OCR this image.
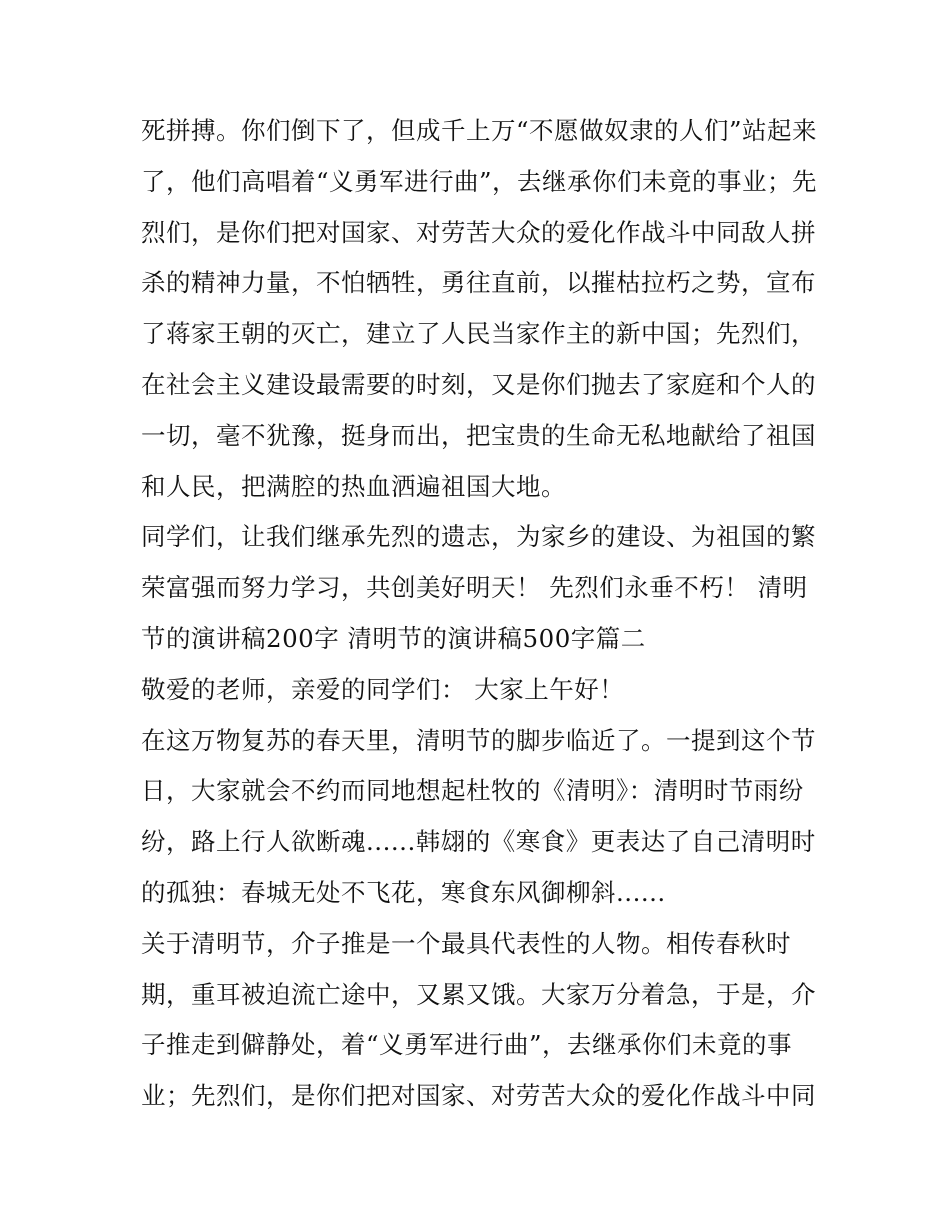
死拼搏。你们倒下了，但成千上万“不愿做奴隶的人们”站起来
了，他们高唱着“义勇军进行曲”，去继承你们未竟的事业；先
烈们，是你们把对国家、对劳苦大众的爱化作战斗中同敌人拼
杀的精神力量，不怕牺牲，勇往直前，以摧枯拉朽之势，宣布
了蒋家王朝的灭亡，建立了人民当家作主的新中国；先烈们，
在社会主义建设最需要的时刻，又是你们抛去了家庭和个人的
一切，毫不犹豫，挺身而出，把宝贵的生命无私地献给了祖国
和人民，把满腔的热血洒遍祖国大地。
同学们，让我们继承先烈的遗志，为家乡的建设、为祖国的繁
荣富强而努力学习，共创美好明天！ 先烈们永垂不朽！ 清明
节的演讲稿200字 清明节的演讲稿500字篇二
敬爱的老师，亲爱的同学们： 大家上午好！
在这万物复苏的春天里，清明节的脚步临近了。一提到这个节
日，大家就会不约而同地想起杜牧的《清明》：清明时节雨纷
纷，路上行人欲断魂......韩翃的《寒食》更表达了自己清明时
的孤独：春城无处不飞花，寒食东风御柳斜......
关于清明节，介子推是一个最具代表性的人物。相传春秋时
期，重耳被迫流亡途中，又累又饿。大家万分着急，于是，介
子推走到僻静处，着“义勇军进行曲”，去继承你们未竟的事
业；先烈们，是你们把对国家、对劳苦大众的爱化作战斗中同
